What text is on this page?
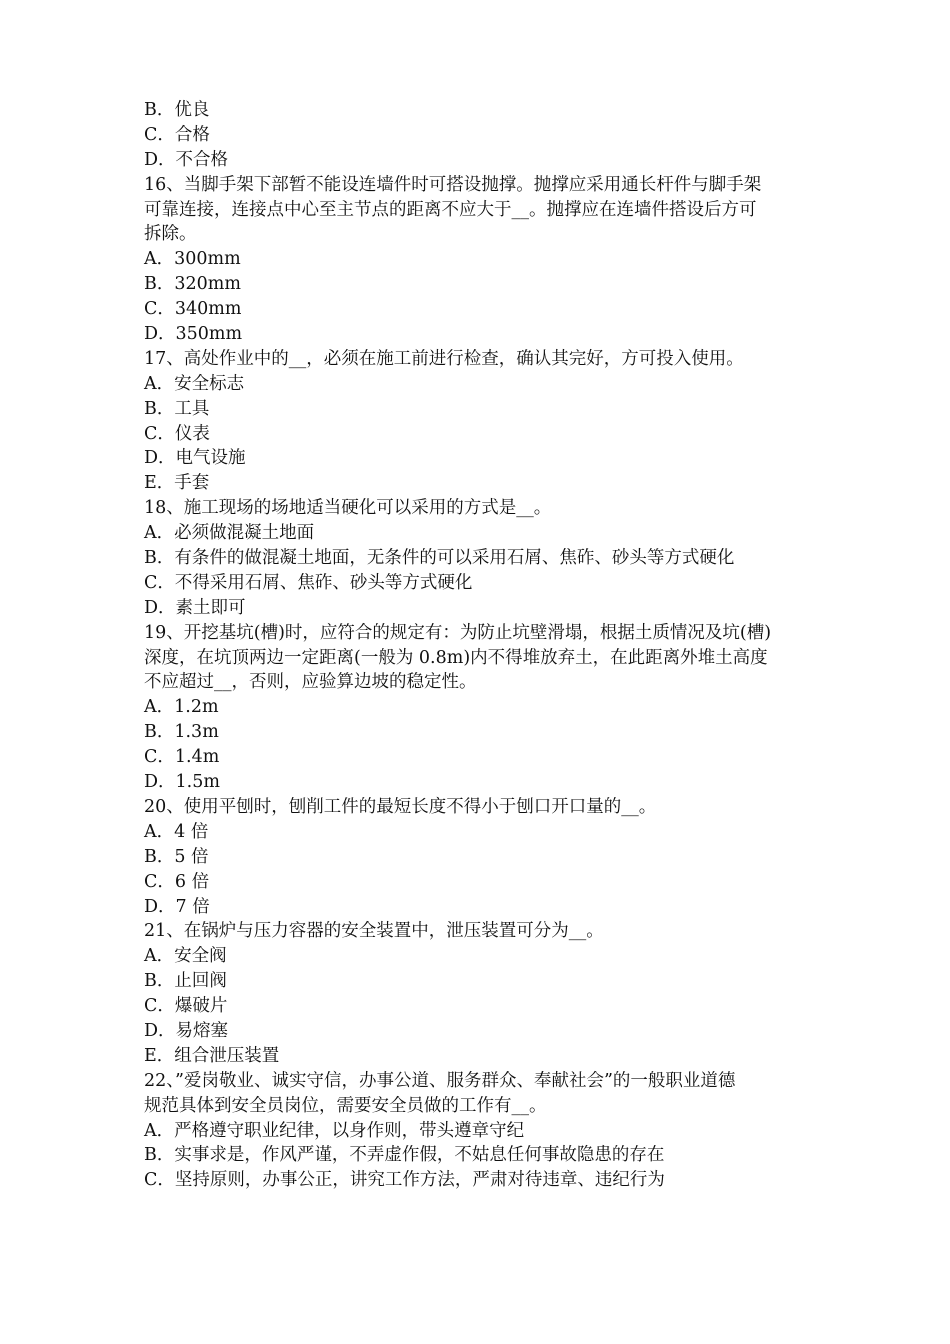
B．优良
C．合格
D．不合格
16、当脚手架下部暂不能设连墙件时可搭设抛撑。抛撑应采用通长杆件与脚手架
可靠连接，连接点中心至主节点的距离不应大于__。抛撑应在连墙件搭设后方可
拆除。
A．300mm
B．320mm
C．340mm
D．350mm
17、高处作业中的__，必须在施工前进行检查，确认其完好，方可投入使用。
A．安全标志
B．工具
C．仪表
D．电气设施
E．手套
18、施工现场的场地适当硬化可以采用的方式是__。
A．必须做混凝土地面
B．有条件的做混凝土地面，无条件的可以采用石屑、焦砟、砂头等方式硬化
C．不得采用石屑、焦砟、砂头等方式硬化
D．素土即可
19、开挖基坑(槽)时，应符合的规定有：为防止坑壁滑塌，根据土质情况及坑(槽)
深度，在坑顶两边一定距离(一般为 0.8m)内不得堆放弃土，在此距离外堆土高度
不应超过__，否则，应验算边坡的稳定性。
A．1.2m
B．1.3m
C．1.4m
D．1.5m
20、使用平刨时，刨削工件的最短长度不得小于刨口开口量的__。
A．4 倍
B．5 倍
C．6 倍
D．7 倍
21、在锅炉与压力容器的安全装置中，泄压装置可分为__。
A．安全阀
B．止回阀
C．爆破片
D．易熔塞
E．组合泄压装置
22、”爱岗敬业、诚实守信，办事公道、服务群众、奉献社会”的一般职业道德
规范具体到安全员岗位，需要安全员做的工作有__。
A．严格遵守职业纪律，以身作则，带头遵章守纪
B．实事求是，作风严谨，不弄虚作假，不姑息任何事故隐患的存在
C．坚持原则，办事公正，讲究工作方法，严肃对待违章、违纪行为
